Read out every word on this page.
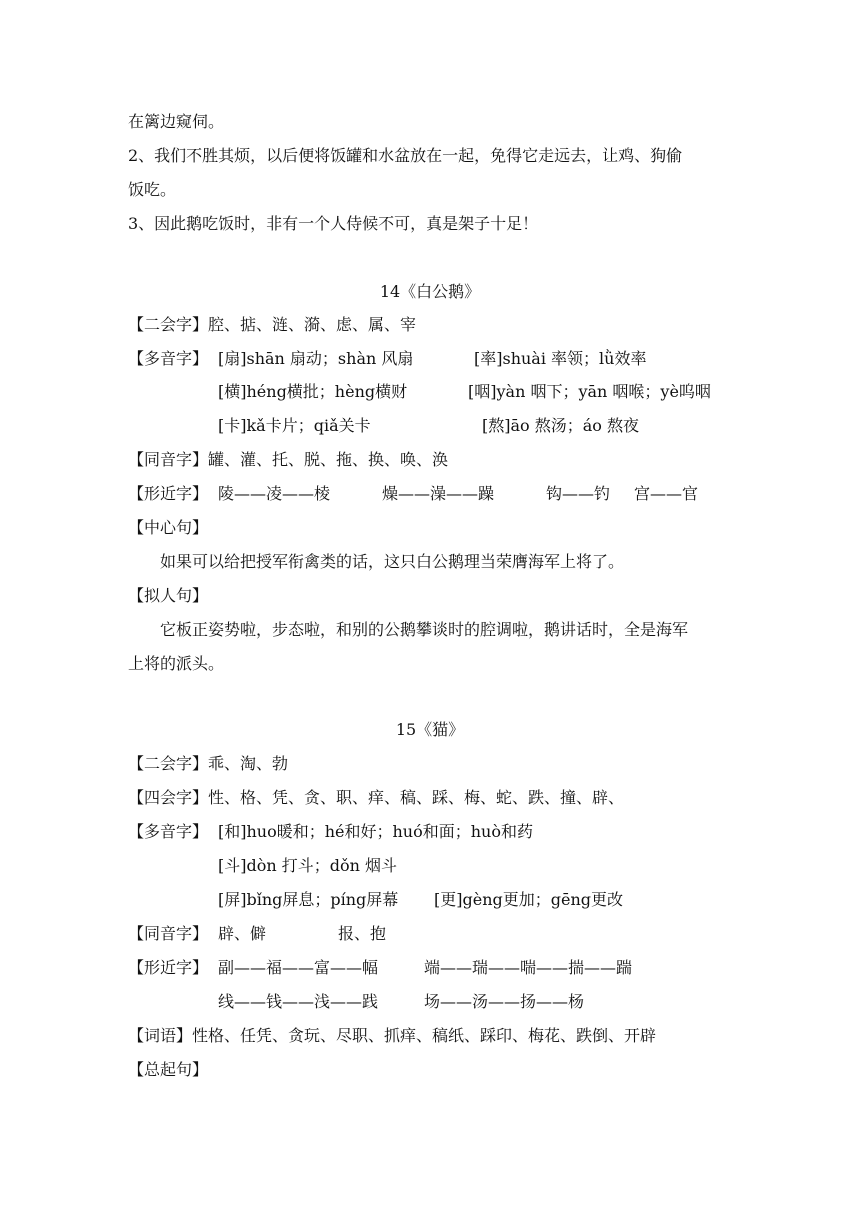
在篱边窥伺。
2、我们不胜其烦，以后便将饭罐和水盆放在一起，免得它走远去，让鸡、狗偷
饭吃。
3、因此鹅吃饭时，非有一个人侍候不可，真是架子十足！
14《白公鹅》
【二会字】腔、掂、涟、漪、虑、属、宰
【多音字】 [扇]shān 扇动；shàn 风扇	[率]shuài 率领；lǜ效率
[横]héng横批；hèng横财	[咽]yàn 咽下；yān 咽喉；yè呜咽
[卡]kǎ卡片；qiǎ关卡	[熬]āo 熬汤；áo 熬夜
【同音字】罐、灌、托、脱、拖、换、唤、涣
【形近字】 陵——凌——棱	燥——澡——躁	钩——钓 宫——官
【中心句】
如果可以给把授军衔禽类的话，这只白公鹅理当荣膺海军上将了。
【拟人句】
它板正姿势啦，步态啦，和别的公鹅攀谈时的腔调啦，鹅讲话时，全是海军
上将的派头。
15《猫》
【二会字】乖、淘、勃
【四会字】性、格、凭、贪、职、痒、稿、踩、梅、蛇、跌、撞、辟、
【多音字】 [和]huo暖和；hé和好；huó和面；huò和药
[斗]dòn 打斗；dǒn 烟斗
[屏]bǐng屏息；píng屏幕 [更]gèng更加；gēng更改
【同音字】 辟、僻	报、抱
【形近字】 副——福——富——幅	端——瑞——喘——揣——踹
线——钱——浅——践	场——汤——扬——杨
【词语】性格、任凭、贪玩、尽职、抓痒、稿纸、踩印、梅花、跌倒、开辟
【总起句】
